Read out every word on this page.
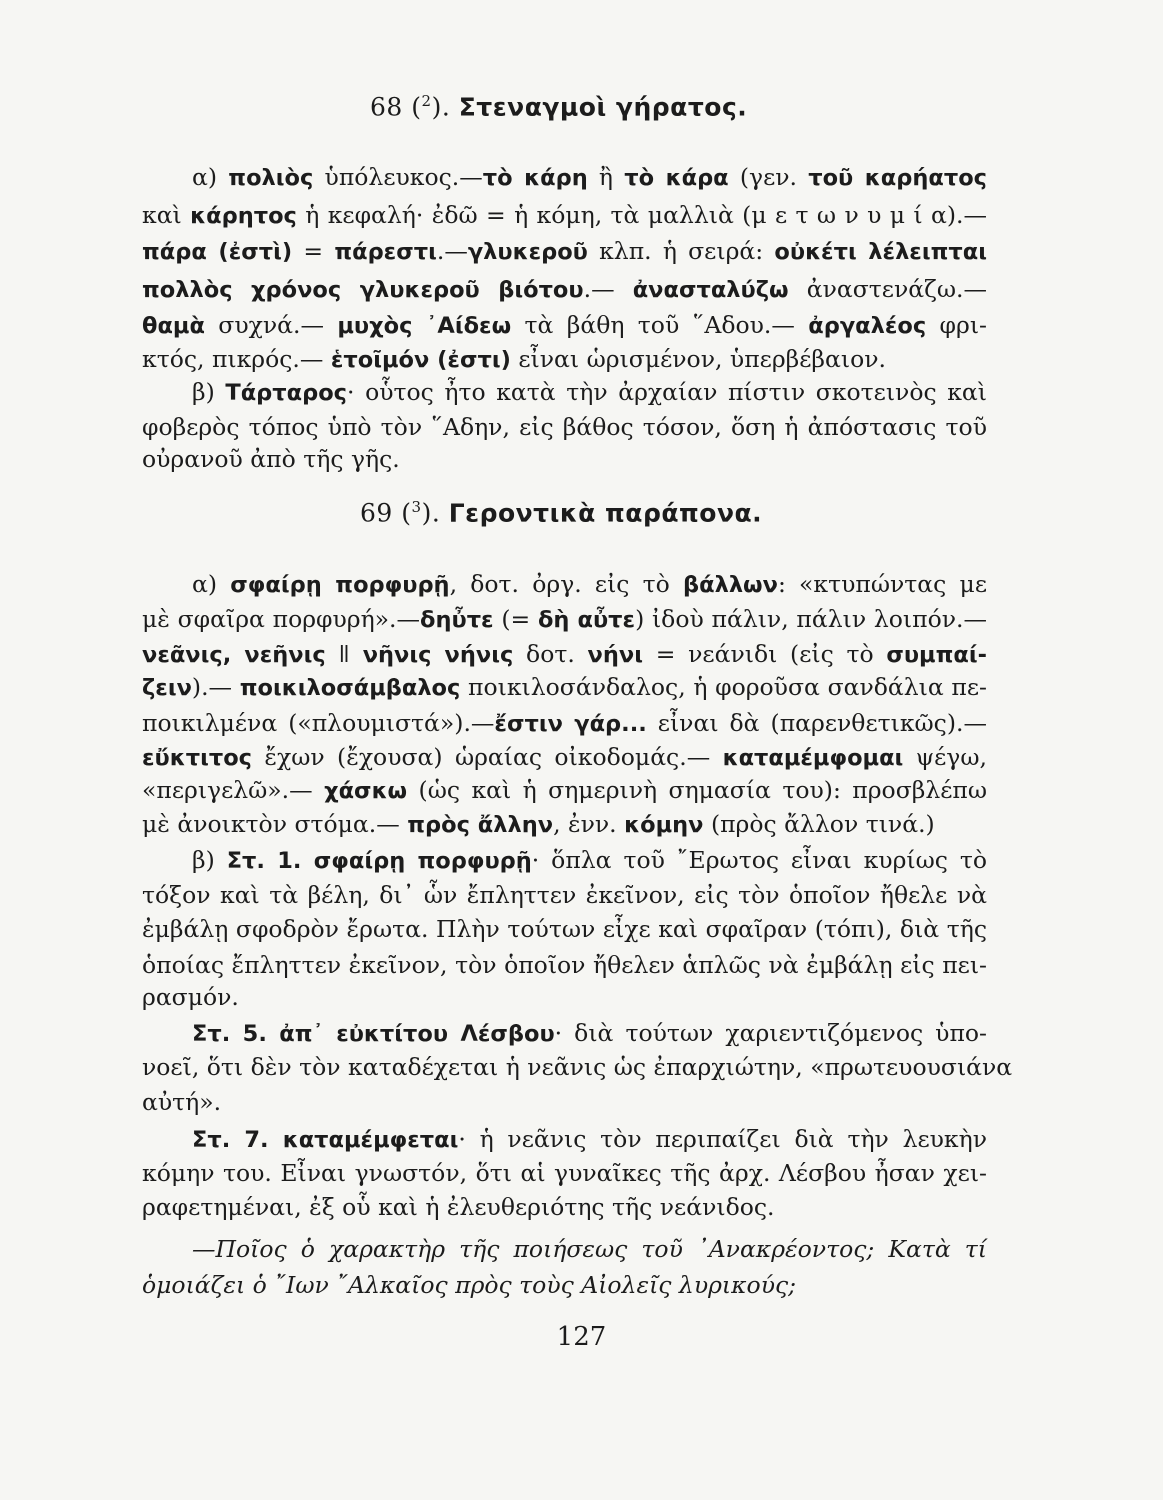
68 ($^2$). Στεναγμοὶ γήρατος.
α) πολιὸς ὑπόλευκος.—τὸ κάρη ἢ τὸ κάρα (γεν. τοῦ καρήατος
καὶ κάρητος ἡ κεφαλή· ἐδῶ = ἡ κόμη, τὰ μαλλιὰ (μ ε τ ω ν υ μ ί α).—
πάρα (ἐστὶ) = πάρεστι.—γλυκεροῦ κλπ. ἡ σειρά: οὐκέτι λέλειπται
πολλὸς χρόνος γλυκεροῦ βιότου.— ἀνασταλύζω ἀναστενάζω.—
θαμὰ συχνά.— μυχὸς ᾿Αίδεω τὰ βάθη τοῦ ῞Αδου.— ἀργαλέος φρι-
κτός, πικρός.— ἑτοῖμόν (ἐστι) εἶναι ὡρισμένον, ὑπερβέβαιον.
β) Τάρταρος· οὗτος ἦτο κατὰ τὴν ἀρχαίαν πίστιν σκοτεινὸς καὶ
φοβερὸς τόπος ὑπὸ τὸν ῞Αδην, εἰς βάθος τόσον, ὅση ἡ ἀπόστασις τοῦ
οὐρανοῦ ἀπὸ τῆς γῆς.
69 ($^3$). Γεροντικὰ παράπονα.
α) σφαίρῃ πορφυρῇ, δοτ. ὀργ. εἰς τὸ βάλλων: «κτυπώντας με
μὲ σφαῖρα πορφυρή».—δηὖτε (= δὴ αὖτε) ἰδοὺ πάλιν, πάλιν λοιπόν.—
νεᾶνις, νεῆνις ǁ νῆνις νήνις δοτ. νήνι = νεάνιδι (εἰς τὸ συμπαί-
ζειν).— ποικιλοσάμβαλος ποικιλοσάνδαλος, ἡ φοροῦσα σανδάλια πε-
ποικιλμένα («πλουμιστά»).—ἔστιν γάρ... εἶναι δὰ (παρενθετικῶς).—
εὔκτιτος ἔχων (ἔχουσα) ὡραίας οἰκοδομάς.— καταμέμφομαι ψέγω,
«περιγελῶ».— χάσκω (ὡς καὶ ἡ σημερινὴ σημασία του): προσβλέπω
μὲ ἀνοικτὸν στόμα.— πρὸς ἄλλην, ἐνν. κόμην (πρὸς ἄλλον τινά.)
β) Στ. 1. σφαίρῃ πορφυρῇ· ὅπλα τοῦ ῎Ερωτος εἶναι κυρίως τὸ
τόξον καὶ τὰ βέλη, δι᾿ ὧν ἔπληττεν ἐκεῖνον, εἰς τὸν ὁποῖον ἤθελε νὰ
ἐμβάλῃ σφοδρὸν ἔρωτα. Πλὴν τούτων εἶχε καὶ σφαῖραν (τόπι), διὰ τῆς
ὁποίας ἔπληττεν ἐκεῖνον, τὸν ὁποῖον ἤθελεν ἁπλῶς νὰ ἐμβάλῃ εἰς πει-
ρασμόν.
Στ. 5. ἀπ᾿ εὐκτίτου Λέσβου· διὰ τούτων χαριεντιζόμενος ὑπο-
νοεῖ, ὅτι δὲν τὸν καταδέχεται ἡ νεᾶνις ὡς ἐπαρχιώτην, «πρωτευουσιάνα
αὐτή».
Στ. 7. καταμέμφεται· ἡ νεᾶνις τὸν περιπαίζει διὰ τὴν λευκὴν
κόμην του. Εἶναι γνωστόν, ὅτι αἱ γυναῖκες τῆς ἀρχ. Λέσβου ἦσαν χει-
ραφετημέναι, ἐξ οὗ καὶ ἡ ἐλευθεριότης τῆς νεάνιδος.
—Ποῖος ὁ χαρακτὴρ τῆς ποιήσεως τοῦ ᾿Ανακρέοντος; Κατὰ τί
ὁμοιάζει ὁ ῎Ιων ῎Αλκαῖος πρὸς τοὺς Αἰολεῖς λυρικούς;
127
